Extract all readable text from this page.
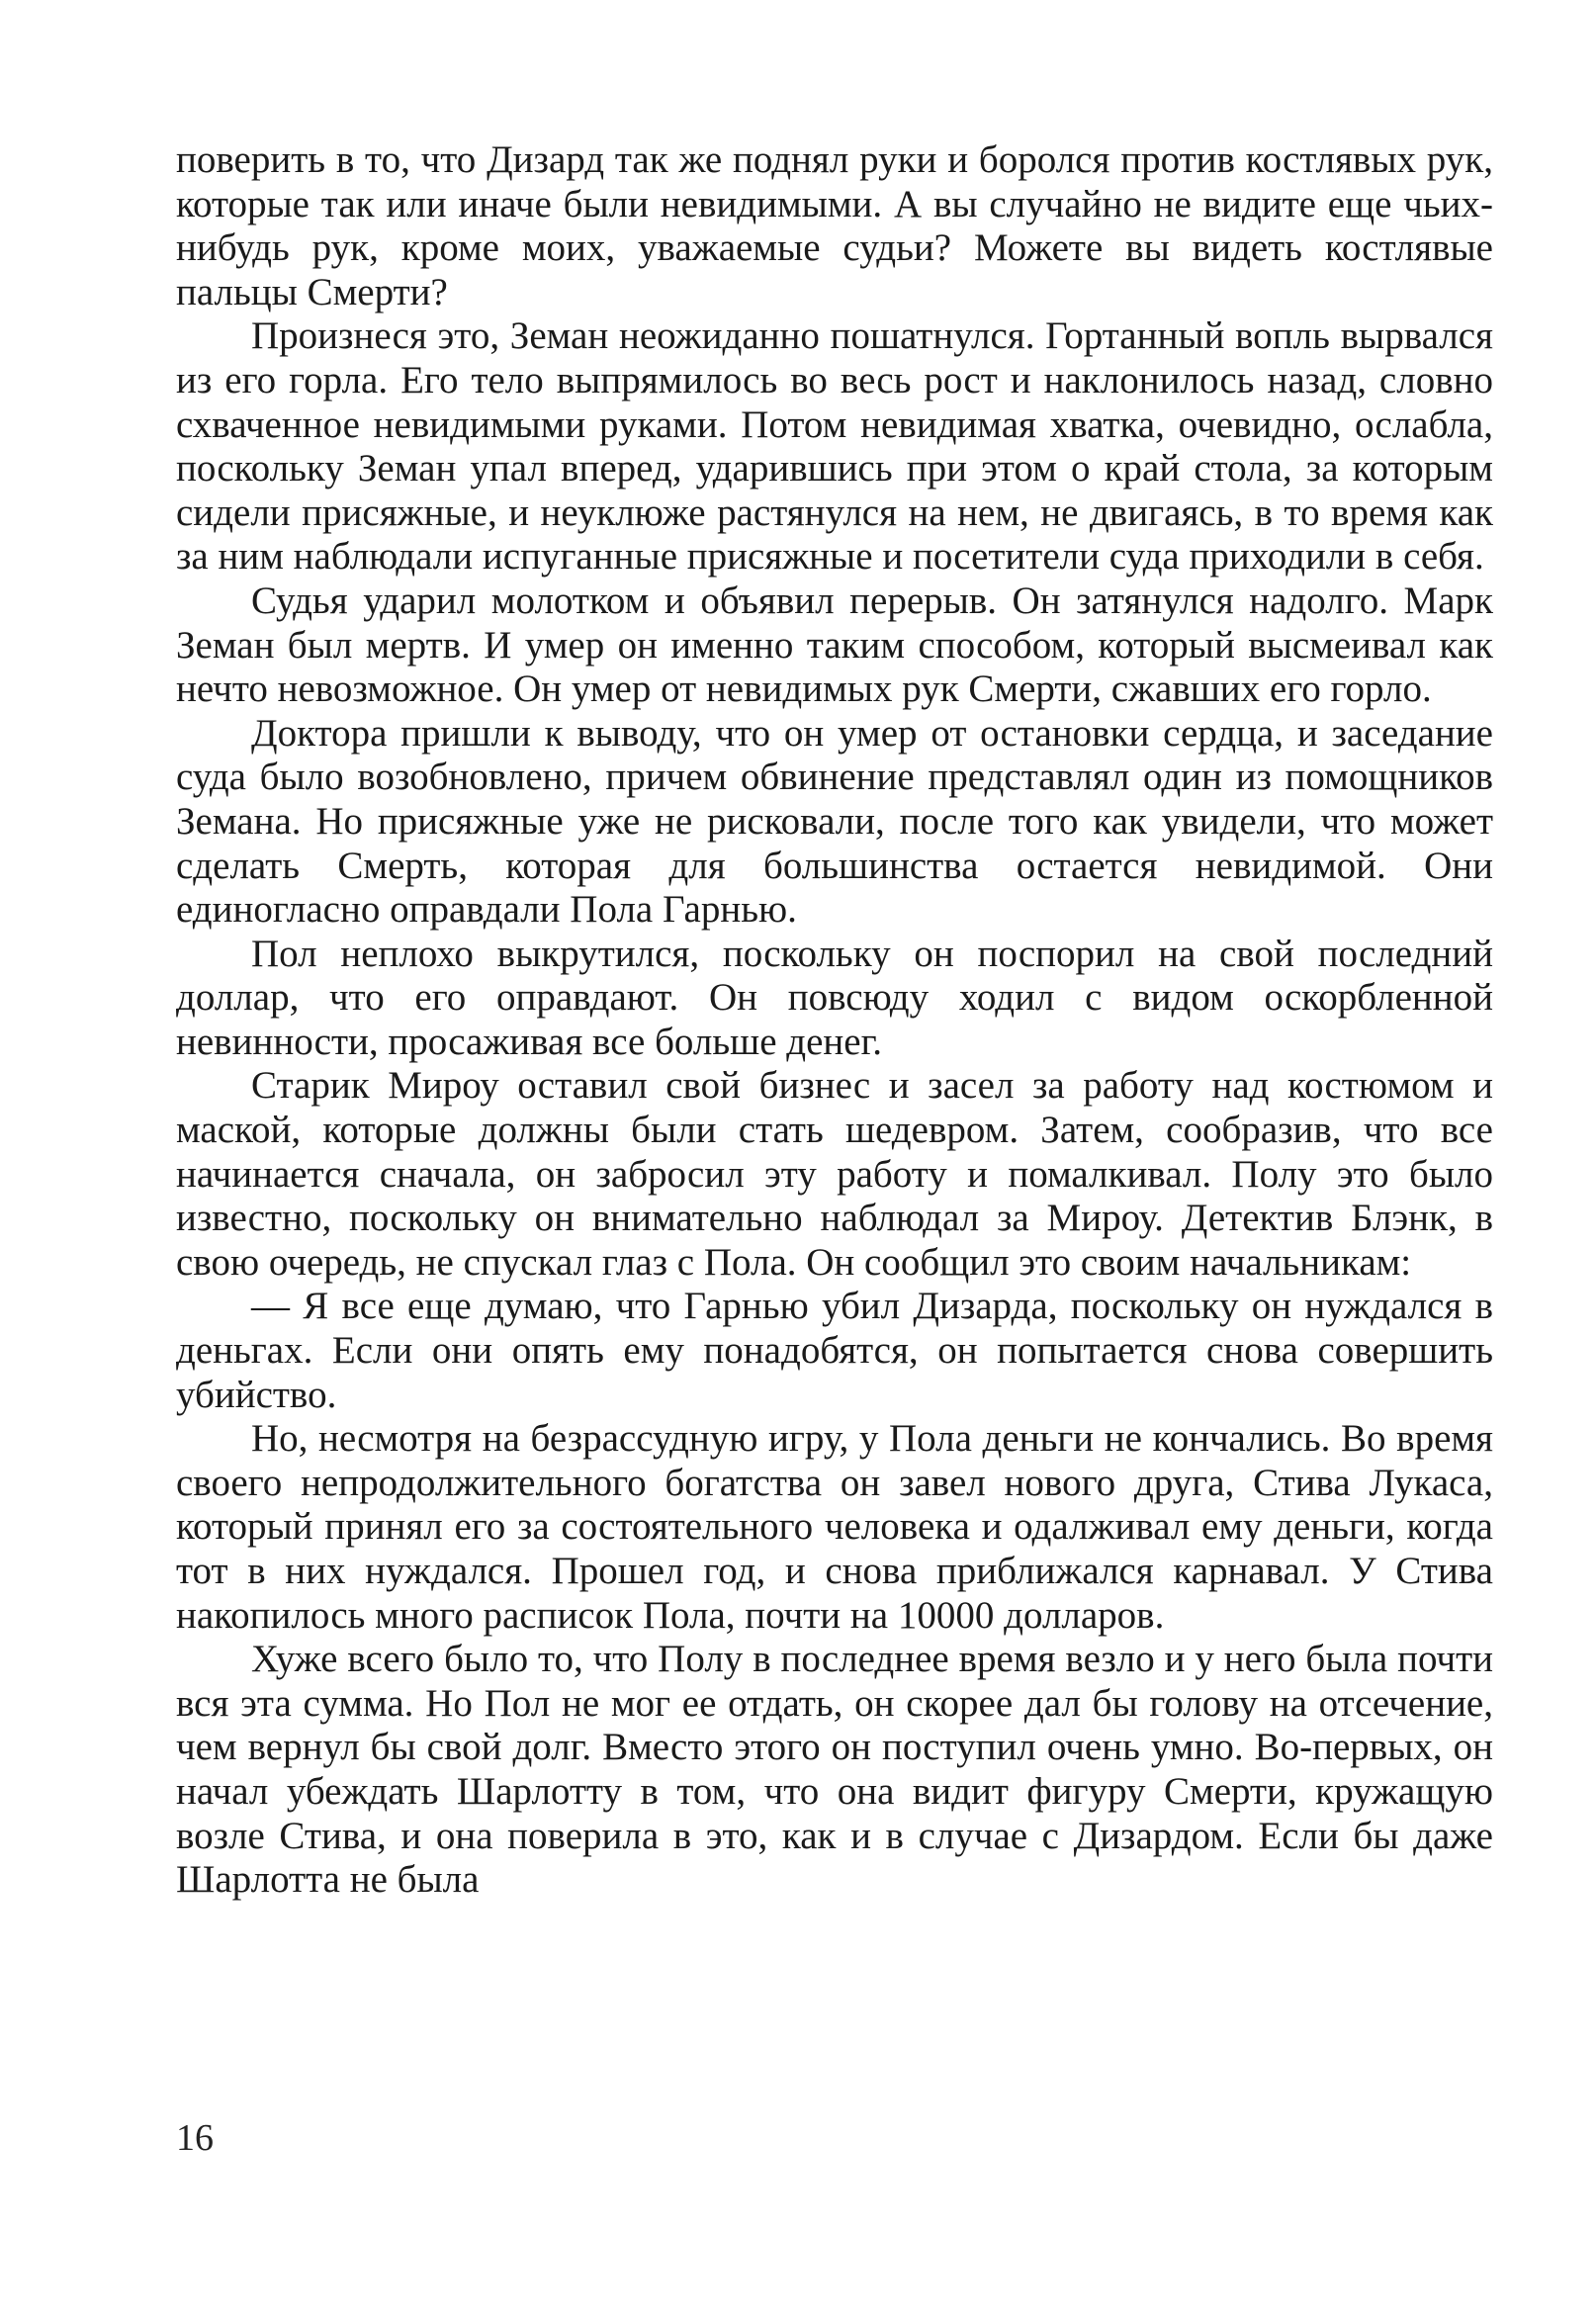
поверить в то, что Дизард так же поднял руки и боролся против костлявых рук, которые так или иначе были невидимыми. А вы случайно не видите еще чьих-нибудь рук, кроме моих, уважаемые судьи? Можете вы видеть костлявые пальцы Смерти?

Произнеся это, Земан неожиданно пошатнулся. Гортанный вопль вырвался из его горла. Его тело выпрямилось во весь рост и наклонилось назад, словно схваченное невидимыми руками. Потом невидимая хватка, очевидно, ослабла, поскольку Земан упал вперед, ударившись при этом о край стола, за которым сидели присяжные, и неуклюже растянулся на нем, не двигаясь, в то время как за ним наблюдали испуганные присяжные и посетители суда приходили в себя.

Судья ударил молотком и объявил перерыв. Он затянулся надолго. Марк Земан был мертв. И умер он именно таким способом, который высмеивал как нечто невозможное. Он умер от невидимых рук Смерти, сжавших его горло.

Доктора пришли к выводу, что он умер от остановки сердца, и заседание суда было возобновлено, причем обвинение представлял один из помощников Земана. Но присяжные уже не рисковали, после того как увидели, что может сделать Смерть, которая для большинства остается невидимой. Они единогласно оправдали Пола Гарнью.

Пол неплохо выкрутился, поскольку он поспорил на свой последний доллар, что его оправдают. Он повсюду ходил с видом оскорбленной невинности, просаживая все больше денег.

Старик Мироу оставил свой бизнес и засел за работу над костюмом и маской, которые должны были стать шедевром. Затем, сообразив, что все начинается сначала, он забросил эту работу и помалкивал. Полу это было известно, поскольку он внимательно наблюдал за Мироу. Детектив Блэнк, в свою очередь, не спускал глаз с Пола. Он сообщил это своим начальникам:

— Я все еще думаю, что Гарнью убил Дизарда, поскольку он нуждался в деньгах. Если они опять ему понадобятся, он попытается снова совершить убийство.

Но, несмотря на безрассудную игру, у Пола деньги не кончались. Во время своего непродолжительного богатства он завел нового друга, Стива Лукаса, который принял его за состоятельного человека и одалживал ему деньги, когда тот в них нуждался. Прошел год, и снова приближался карнавал. У Стива накопилось много расписок Пола, почти на 10000 долларов.

Хуже всего было то, что Полу в последнее время везло и у него была почти вся эта сумма. Но Пол не мог ее отдать, он скорее дал бы голову на отсечение, чем вернул бы свой долг. Вместо этого он поступил очень умно. Во-первых, он начал убеждать Шарлотту в том, что она видит фигуру Смерти, кружащую возле Стива, и она поверила в это, как и в случае с Дизардом. Если бы даже Шарлотта не была

16
